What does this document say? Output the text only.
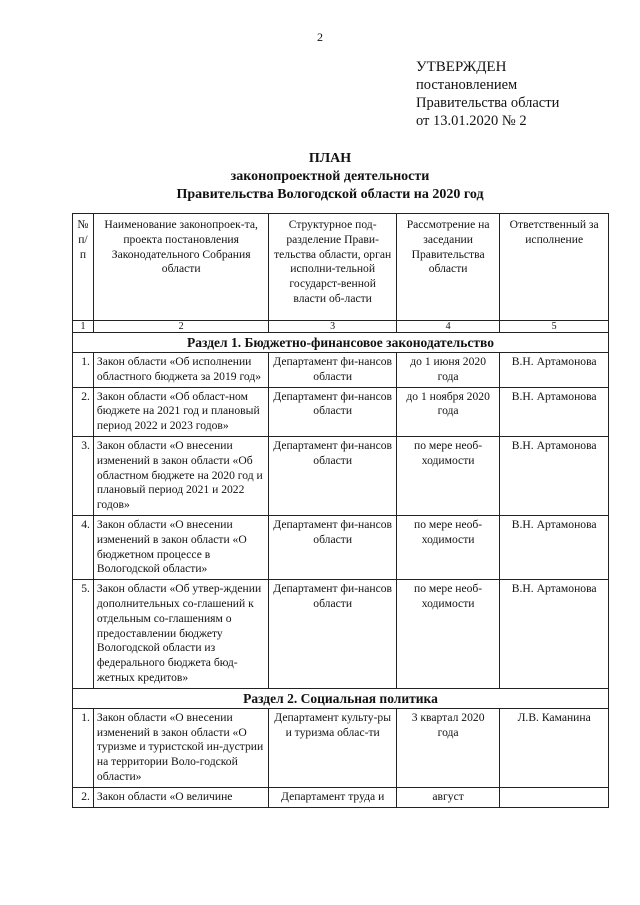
2
УТВЕРЖДЕН
постановлением
Правительства области
от 13.01.2020 № 2
ПЛАН
законопроектной деятельности
Правительства Вологодской области на 2020 год
№ п/п	Наименование законопроек-та, проекта постановления Законодательного Собрания области	Структурное под-разделение Прави-тельства области, орган исполни-тельной государст-венной власти об-ласти	Рассмотрение на заседании Правительства области	Ответственный за исполнение
1	2	3	4	5
Раздел 1. Бюджетно-финансовое законодательство				
1.	Закон области «Об исполнении областного бюджета за 2019 год»	Департамент фи-нансов области	до 1 июня 2020 года	В.Н. Артамонова
2.	Закон области «Об област-ном бюджете на 2021 год и плановый период 2022 и 2023 годов»	Департамент фи-нансов области	до 1 ноября 2020 года	В.Н. Артамонова
3.	Закон области «О внесении изменений в закон области «Об областном бюджете на 2020 год и плановый период 2021 и 2022 годов»	Департамент фи-нансов области	по мере необ-ходимости	В.Н. Артамонова
4.	Закон области «О внесении изменений в закон области «О бюджетном процессе в Вологодской области»	Департамент фи-нансов области	по мере необ-ходимости	В.Н. Артамонова
5.	Закон области «Об утвер-ждении дополнительных со-глашений к отдельным со-глашениям о предоставлении бюджету Вологодской области из федерального бюджета бюд-жетных кредитов»	Департамент фи-нансов области	по мере необ-ходимости	В.Н. Артамонова
Раздел 2. Социальная политика				
1.	Закон области «О внесении изменений в закон области «О туризме и туристской ин-дустрии на территории Воло-годской области»	Департамент культу-ры и туризма облас-ти	3 квартал 2020 года	Л.В. Каманина
2.	Закон области «О величине	Департамент труда и	август	
